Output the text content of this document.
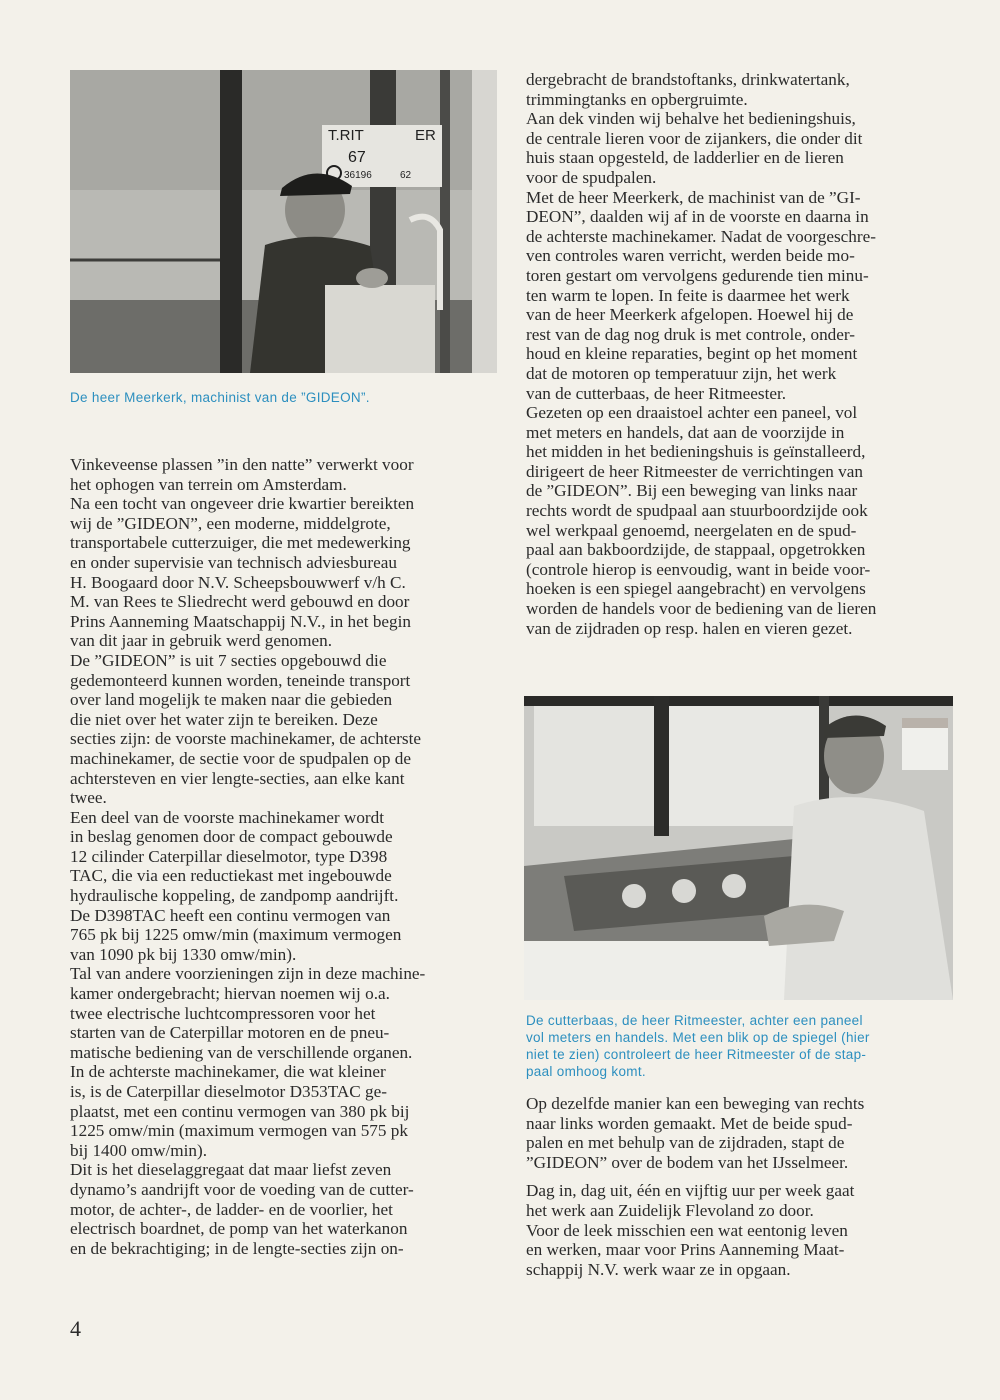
T.RIT	ER
67
36196	62
De heer Meerkerk, machinist van de ”GIDEON”.

Vinkeveense plassen ”in den natte” verwerkt voor

het ophogen van terrein om Amsterdam.

Na een tocht van ongeveer drie kwartier bereikten

wij de ”GIDEON”, een moderne, middelgrote,

transportabele cutterzuiger, die met medewerking

en onder supervisie van technisch adviesbureau

H. Boogaard door N.V. Scheepsbouwwerf v/h C.

M. van Rees te Sliedrecht werd gebouwd en door

Prins Aanneming Maatschappij N.V., in het begin

van dit jaar in gebruik werd genomen.

De ”GIDEON” is uit 7 secties opgebouwd die

gedemonteerd kunnen worden, teneinde transport

over land mogelijk te maken naar die gebieden

die niet over het water zijn te bereiken. Deze

secties zijn: de voorste machinekamer, de achterste

machinekamer, de sectie voor de spudpalen op de

achtersteven en vier lengte-secties, aan elke kant

twee.

Een deel van de voorste machinekamer wordt

in beslag genomen door de compact gebouwde

12 cilinder Caterpillar dieselmotor, type D398

TAC, die via een reductiekast met ingebouwde

hydraulische koppeling, de zandpomp aandrijft.

De D398TAC heeft een continu vermogen van

765 pk bij 1225 omw/min (maximum vermogen

van 1090 pk bij 1330 omw/min).

Tal van andere voorzieningen zijn in deze machine-

kamer ondergebracht; hiervan noemen wij o.a.

twee electrische luchtcompressoren voor het

starten van de Caterpillar motoren en de pneu-

matische bediening van de verschillende organen.

In de achterste machinekamer, die wat kleiner

is, is de Caterpillar dieselmotor D353TAC ge-

plaatst, met een continu vermogen van 380 pk bij

1225 omw/min (maximum vermogen van 575 pk

bij 1400 omw/min).

Dit is het dieselaggregaat dat maar liefst zeven

dynamo’s aandrijft voor de voeding van de cutter-

motor, de achter-, de ladder- en de voorlier, het

electrisch boardnet, de pomp van het waterkanon

en de bekrachtiging; in de lengte-secties zijn on-

dergebracht de brandstoftanks, drinkwatertank,

trimmingtanks en opbergruimte.

Aan dek vinden wij behalve het bedieningshuis,

de centrale lieren voor de zijankers, die onder dit

huis staan opgesteld, de ladderlier en de lieren

voor de spudpalen.

Met de heer Meerkerk, de machinist van de ”GI-

DEON”, daalden wij af in de voorste en daarna in

de achterste machinekamer. Nadat de voorgeschre-

ven controles waren verricht, werden beide mo-

toren gestart om vervolgens gedurende tien minu-

ten warm te lopen. In feite is daarmee het werk

van de heer Meerkerk afgelopen. Hoewel hij de

rest van de dag nog druk is met controle, onder-

houd en kleine reparaties, begint op het moment

dat de motoren op temperatuur zijn, het werk

van de cutterbaas, de heer Ritmeester.

Gezeten op een draaistoel achter een paneel, vol

met meters en handels, dat aan de voorzijde in

het midden in het bedieningshuis is geïnstalleerd,

dirigeert de heer Ritmeester de verrichtingen van

de ”GIDEON”. Bij een beweging van links naar

rechts wordt de spudpaal aan stuurboordzijde ook

wel werkpaal genoemd, neergelaten en de spud-

paal aan bakboordzijde, de stappaal, opgetrokken

(controle hierop is eenvoudig, want in beide voor-

hoeken is een spiegel aangebracht) en vervolgens

worden de handels voor de bediening van de lieren

van de zijdraden op resp. halen en vieren gezet.

De cutterbaas, de heer Ritmeester, achter een paneel
vol meters en handels. Met een blik op de spiegel (hier
niet te zien) controleert de heer Ritmeester of de stap-
paal omhoog komt.

Op dezelfde manier kan een beweging van rechts

naar links worden gemaakt. Met de beide spud-

palen en met behulp van de zijdraden, stapt de

”GIDEON” over de bodem van het IJsselmeer.

Dag in, dag uit, één en vijftig uur per week gaat

het werk aan Zuidelijk Flevoland zo door.

Voor de leek misschien een wat eentonig leven

en werken, maar voor Prins Aanneming Maat-

schappij N.V. werk waar ze in opgaan.

4
